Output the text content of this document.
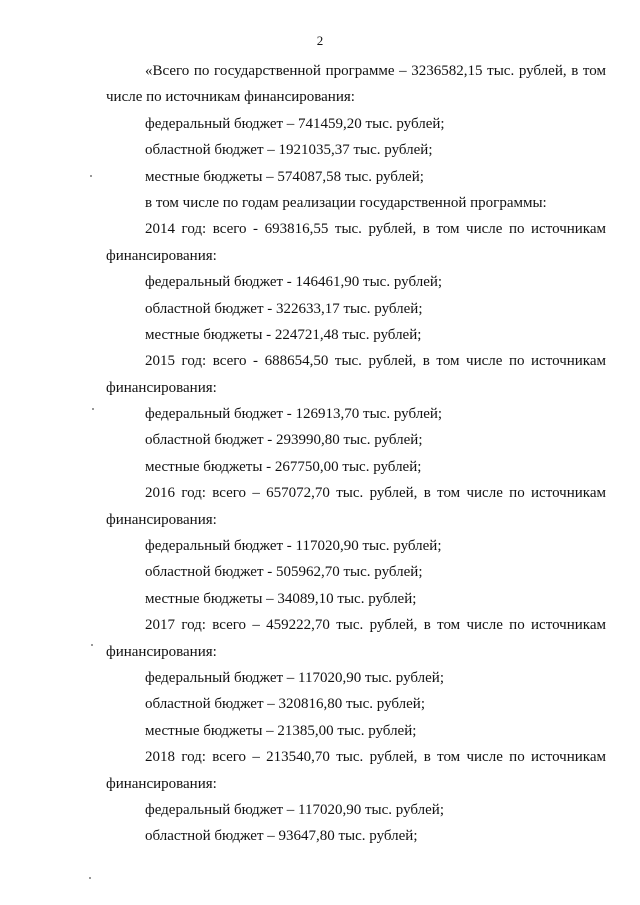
2
«Всего по государственной программе – 3236582,15 тыс. рублей, в том
числе по источникам финансирования:
федеральный бюджет – 741459,20 тыс. рублей;
областной бюджет – 1921035,37 тыс. рублей;
местные бюджеты – 574087,58 тыс. рублей;
в том числе по годам реализации государственной программы:
2014 год: всего - 693816,55 тыс. рублей, в том числе по источникам
финансирования:
федеральный бюджет - 146461,90 тыс. рублей;
областной бюджет - 322633,17 тыс. рублей;
местные бюджеты - 224721,48 тыс. рублей;
2015 год: всего - 688654,50 тыс. рублей, в том числе по источникам
финансирования:
федеральный бюджет - 126913,70 тыс. рублей;
областной бюджет - 293990,80 тыс. рублей;
местные бюджеты - 267750,00 тыс. рублей;
2016 год: всего – 657072,70 тыс. рублей, в том числе по источникам
финансирования:
федеральный бюджет - 117020,90 тыс. рублей;
областной бюджет - 505962,70 тыс. рублей;
местные бюджеты – 34089,10 тыс. рублей;
2017 год: всего – 459222,70 тыс. рублей, в том числе по источникам
финансирования:
федеральный бюджет – 117020,90 тыс. рублей;
областной бюджет – 320816,80 тыс. рублей;
местные бюджеты – 21385,00 тыс. рублей;
2018 год: всего – 213540,70 тыс. рублей, в том числе по источникам
финансирования:
федеральный бюджет – 117020,90 тыс. рублей;
областной бюджет – 93647,80 тыс. рублей;
